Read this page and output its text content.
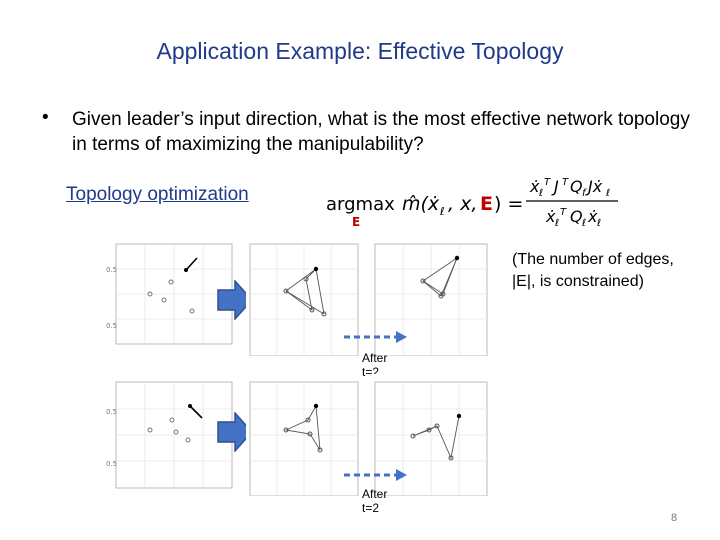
Application Example: Effective Topology
• Given leader’s input direction, what is the most effective network topology in terms of maximizing the manipulability?
Topology optimization	argmax
E
m̂(ẋ ℓ , x, E ) =
ẋ ℓ
T J T Q f Jẋ ℓ
ẋ ℓ
T Q ℓ ẋ ℓ
(The number of edges,
|E|, is constrained)
0.5
0.5
After t=2
0.5
0.5
After t=2
8
